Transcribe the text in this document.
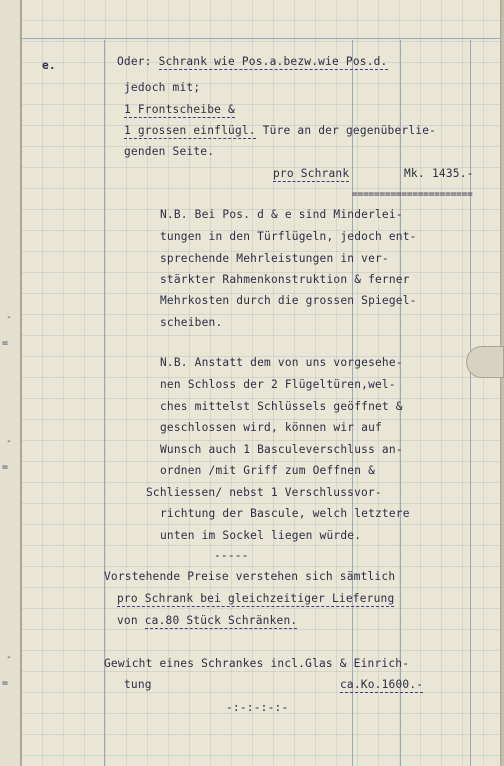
-
=
-
=
-
=
e.	Oder: Schrank wie Pos.a.bezw.wie Pos.d.
jedoch mit;
1 Frontscheibe &
1 grossen einflügl. Türe an der gegenüberlie-
genden Seite.
pro Schrank	Mk. 1435.-
======================
N.B. Bei Pos. d & e sind Minderlei-
tungen in den Türflügeln, jedoch ent-
sprechende Mehrleistungen in ver-
stärkter Rahmenkonstruktion & ferner
Mehrkosten durch die grossen Spiegel-
scheiben.
N.B. Anstatt dem von uns vorgesehe-
nen Schloss der 2 Flügeltüren,wel-
ches mittelst Schlüssels geöffnet &
geschlossen wird, können wir auf
Wunsch auch 1 Basculeverschluss an-
ordnen /mit Griff zum Oeffnen &
Schliessen/ nebst 1 Verschlussvor-
richtung der Bascule, welch letztere
unten im Sockel liegen würde.
-----
Vorstehende Preise verstehen sich sämtlich
pro Schrank bei gleichzeitiger Lieferung
von ca.80 Stück Schränken.
Gewicht eines Schrankes incl.Glas & Einrich-
tung	ca.Ko.1600.-
-:-:-:-:-
